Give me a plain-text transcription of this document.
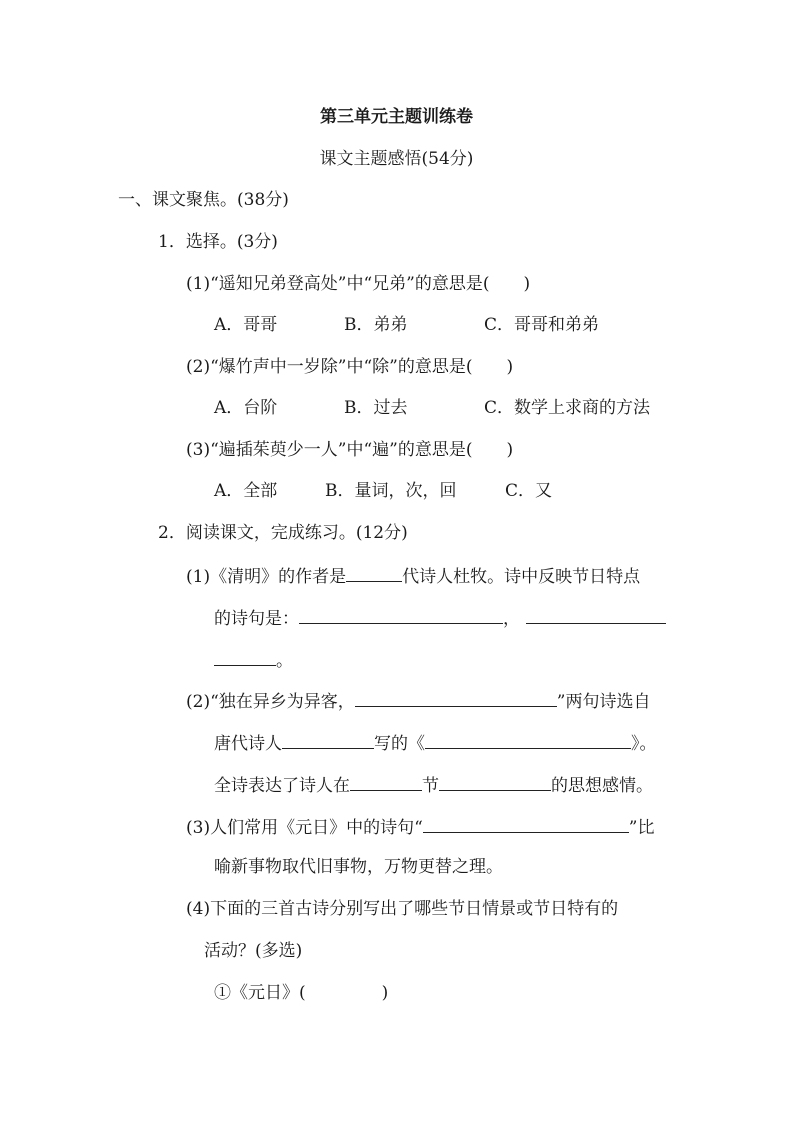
第三单元主题训练卷
课文主题感悟(54分)
一、课文聚焦。(38分)
1．选择。(3分)
(1)“遥知兄弟登高处”中“兄弟”的意思是(　　)
A．哥哥	B．弟弟	C．哥哥和弟弟
(2)“爆竹声中一岁除”中“除”的意思是(　　)
A．台阶	B．过去	C．数学上求商的方法
(3)“遍插茱萸少一人”中“遍”的意思是(　　)
A．全部	B．量词，次，回	C．又
2．阅读课文，完成练习。(12分)
(1)《清明》的作者是	代诗人杜牧。诗中反映节日特点
的诗句是：	，
。
(2)“独在异乡为异客，	”两句诗选自
唐代诗人	写的《	》。
全诗表达了诗人在	节	的思想感情。
(3)人们常用《元日》中的诗句“	”比
喻新事物取代旧事物，万物更替之理。
(4)下面的三首古诗分别写出了哪些节日情景或节日特有的
活动？(多选)
①《元日》(	)
